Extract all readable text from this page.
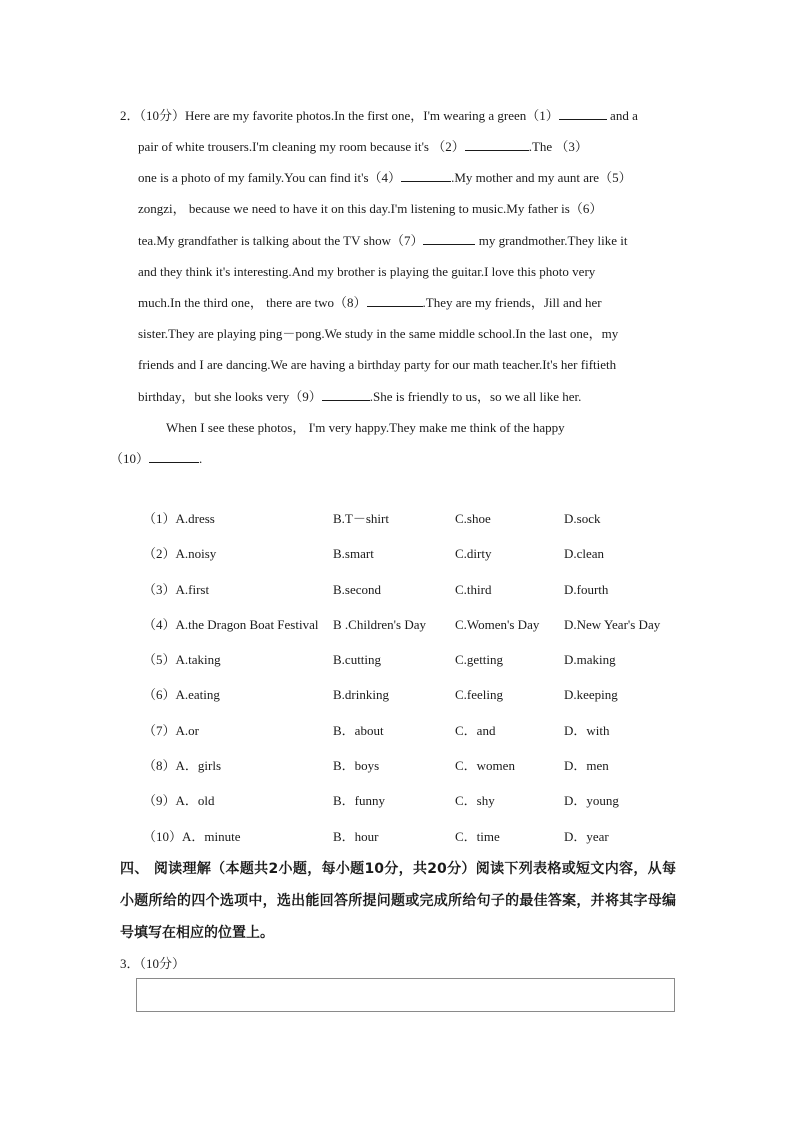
2．（10分）Here are my favorite photos.In the first one，I'm wearing a green（1）	and a
pair of white trousers.I'm cleaning my room because it's （2）	.The （3）
one is a photo of my family.You can find it's（4）	.My mother and my aunt are（5）
zongzi， because we need to have it on this day.I'm listening to music.My father is（6）
tea.My grandfather is talking about the TV show（7）	my grandmother.They like it
and they think it's interesting.And my brother is playing the guitar.I love this photo very
much.In the third one， there are two（8）	.They are my friends，Jill and her
sister.They are playing ping－pong.We study in the same middle school.In the last one，my
friends and I are dancing.We are having a birthday party for our math teacher.It's her fiftieth
birthday，but she looks very（9）	.She is friendly to us，so we all like her.
When I see these photos， I'm very happy.They make me think of the happy
（10）	.
（1）A.dress	B.T－shirt	C.shoe	D.sock
（2）A.noisy	B.smart	C.dirty	D.clean
（3）A.first	B.second	C.third	D.fourth
（4）A.the Dragon Boat Festival B .Children's Day C.Women's Day D.New Year's Day
（5）A.taking	B.cutting	C.getting	D.making
（6）A.eating	B.drinking	C.feeling	D.keeping
（7）A.or	B．about	C．and	D．with
（8）A．girls	B．boys	C．women	D．men
（9）A．old	B．funny	C．shy	D．young
（10）A．minute	B．hour	C．time	D．year
四、 阅读理解（本题共2小题，每小题10分，共20分）阅读下列表格或短文内容，从每小题所给的四个选项中，选出能回答所提问题或完成所给句子的最佳答案，并将其字母编号填写在相应的位置上。
3．（10分）
